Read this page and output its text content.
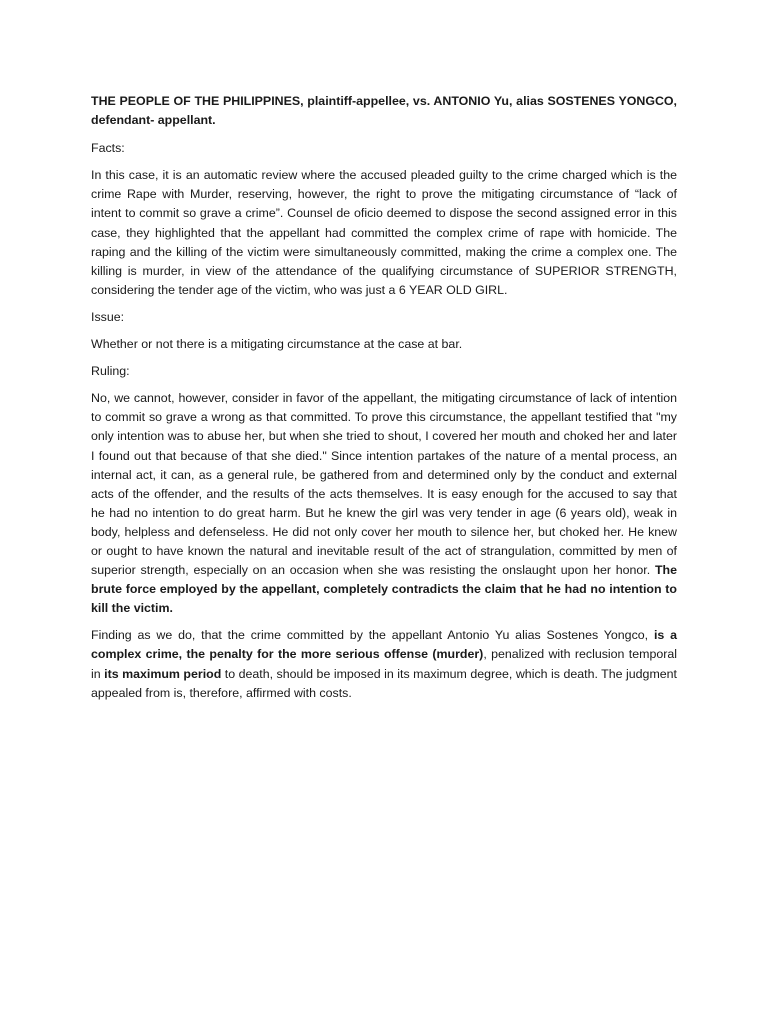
THE PEOPLE OF THE PHILIPPINES, plaintiff-appellee, vs. ANTONIO Yu, alias SOSTENES YONGCO, defendant- appellant.

Facts:

In this case, it is an automatic review where the accused pleaded guilty to the crime charged which is the crime Rape with Murder, reserving, however, the right to prove the mitigating circumstance of “lack of intent to commit so grave a crime”. Counsel de oficio deemed to dispose the second assigned error in this case, they highlighted that the appellant had committed the complex crime of rape with homicide. The raping and the killing of the victim were simultaneously committed, making the crime a complex one. The killing is murder, in view of the attendance of the qualifying circumstance of SUPERIOR STRENGTH, considering the tender age of the victim, who was just a 6 YEAR OLD GIRL.

Issue:

Whether or not there is a mitigating circumstance at the case at bar.

Ruling:

No, we cannot, however, consider in favor of the appellant, the mitigating circumstance of lack of intention to commit so grave a wrong as that committed. To prove this circumstance, the appellant testified that "my only intention was to abuse her, but when she tried to shout, I covered her mouth and choked her and later I found out that because of that she died." Since intention partakes of the nature of a mental process, an internal act, it can, as a general rule, be gathered from and determined only by the conduct and external acts of the offender, and the results of the acts themselves. It is easy enough for the accused to say that he had no intention to do great harm. But he knew the girl was very tender in age (6 years old), weak in body, helpless and defenseless. He did not only cover her mouth to silence her, but choked her. He knew or ought to have known the natural and inevitable result of the act of strangulation, committed by men of superior strength, especially on an occasion when she was resisting the onslaught upon her honor. The brute force employed by the appellant, completely contradicts the claim that he had no intention to kill the victim.

Finding as we do, that the crime committed by the appellant Antonio Yu alias Sostenes Yongco, is a complex crime, the penalty for the more serious offense (murder), penalized with reclusion temporal in its maximum period to death, should be imposed in its maximum degree, which is death. The judgment appealed from is, therefore, affirmed with costs.
